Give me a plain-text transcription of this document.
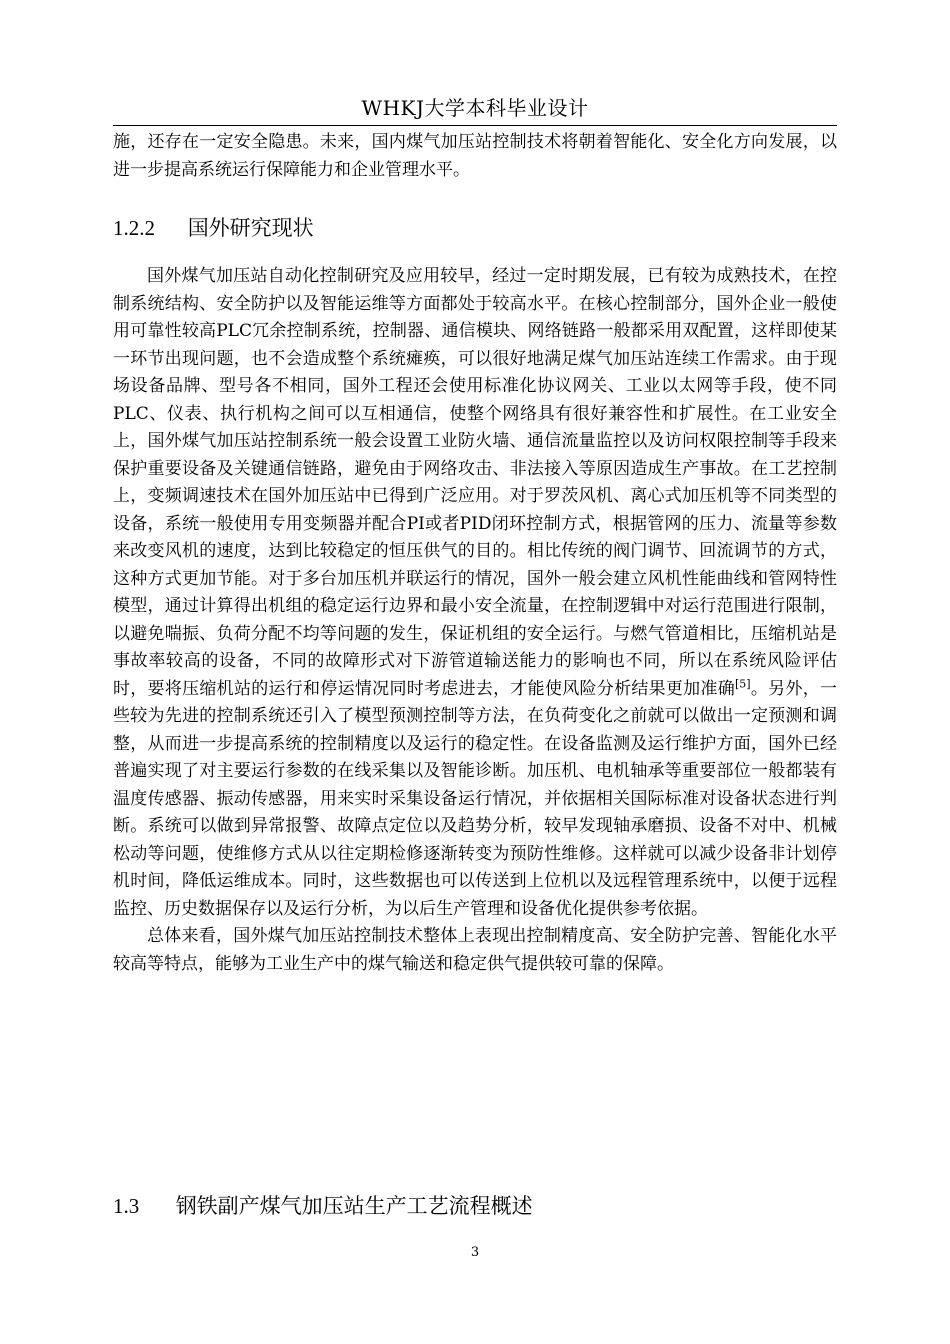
WHKJ大学本科毕业设计

施，还存在一定安全隐患。未来，国内煤气加压站控制技术将朝着智能化、安全化方向发展，以进一步提高系统运行保障能力和企业管理水平。

1.2.2 国外研究现状

国外煤气加压站自动化控制研究及应用较早，经过一定时期发展，已有较为成熟技术，在控制系统结构、安全防护以及智能运维等方面都处于较高水平。在核心控制部分，国外企业一般使用可靠性较高PLC冗余控制系统，控制器、通信模块、网络链路一般都采用双配置，这样即使某一环节出现问题，也不会造成整个系统瘫痪，可以很好地满足煤气加压站连续工作需求。由于现场设备品牌、型号各不相同，国外工程还会使用标准化协议网关、工业以太网等手段，使不同PLC、仪表、执行机构之间可以互相通信，使整个网络具有很好兼容性和扩展性。在工业安全上，国外煤气加压站控制系统一般会设置工业防火墙、通信流量监控以及访问权限控制等手段来保护重要设备及关键通信链路，避免由于网络攻击、非法接入等原因造成生产事故。在工艺控制上，变频调速技术在国外加压站中已得到广泛应用。对于罗茨风机、离心式加压机等不同类型的设备，系统一般使用专用变频器并配合PI或者PID闭环控制方式，根据管网的压力、流量等参数来改变风机的速度，达到比较稳定的恒压供气的目的。相比传统的阀门调节、回流调节的方式，这种方式更加节能。对于多台加压机并联运行的情况，国外一般会建立风机性能曲线和管网特性模型，通过计算得出机组的稳定运行边界和最小安全流量，在控制逻辑中对运行范围进行限制，以避免喘振、负荷分配不均等问题的发生，保证机组的安全运行。与燃气管道相比，压缩机站是事故率较高的设备，不同的故障形式对下游管道输送能力的影响也不同，所以在系统风险评估时，要将压缩机站的运行和停运情况同时考虑进去，才能使风险分析结果更加准确[5]。另外，一些较为先进的控制系统还引入了模型预测控制等方法，在负荷变化之前就可以做出一定预测和调整，从而进一步提高系统的控制精度以及运行的稳定性。在设备监测及运行维护方面，国外已经普遍实现了对主要运行参数的在线采集以及智能诊断。加压机、电机轴承等重要部位一般都装有温度传感器、振动传感器，用来实时采集设备运行情况，并依据相关国际标准对设备状态进行判断。系统可以做到异常报警、故障点定位以及趋势分析，较早发现轴承磨损、设备不对中、机械松动等问题，使维修方式从以往定期检修逐渐转变为预防性维修。这样就可以减少设备非计划停机时间，降低运维成本。同时，这些数据也可以传送到上位机以及远程管理系统中，以便于远程监控、历史数据保存以及运行分析，为以后生产管理和设备优化提供参考依据。

总体来看，国外煤气加压站控制技术整体上表现出控制精度高、安全防护完善、智能化水平较高等特点，能够为工业生产中的煤气输送和稳定供气提供较可靠的保障。

1.3 钢铁副产煤气加压站生产工艺流程概述
3
